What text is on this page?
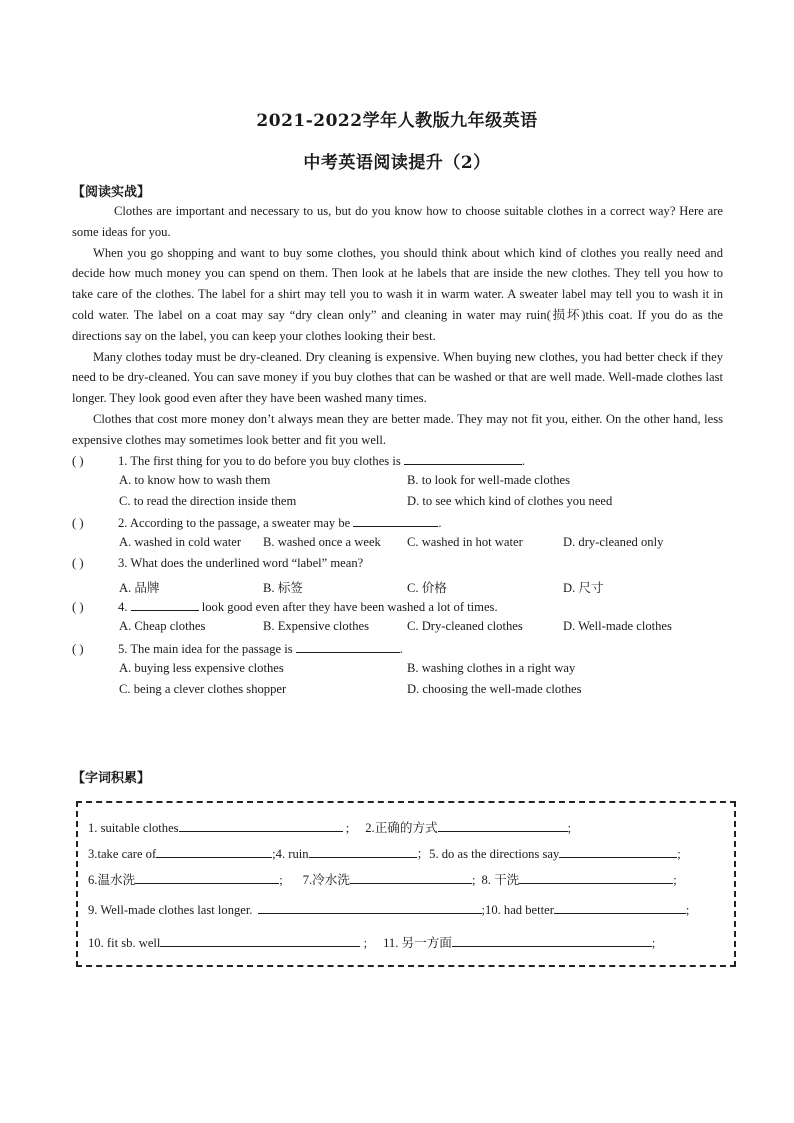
2021-2022学年人教版九年级英语
中考英语阅读提升（2）
【阅读实战】

Clothes are important and necessary to us, but do you know how to choose suitable clothes in a correct way? Here are some ideas for you.

When you go shopping and want to buy some clothes, you should think about which kind of clothes you really need and decide how much money you can spend on them. Then look at he labels that are inside the new clothes. They tell you how to take care of the clothes. The label for a shirt may tell you to wash it in warm water. A sweater label may tell you to wash it in cold water. The label on a coat may say “dry clean only” and cleaning in water may ruin(损坏)this coat. If you do as the directions say on the label, you can keep your clothes looking their best.

Many clothes today must be dry-cleaned. Dry cleaning is expensive. When buying new clothes, you had better check if they need to be dry-cleaned. You can save money if you buy clothes that can be washed or that are well made. Well-made clothes last longer. They look good even after they have been washed many times.

Clothes that cost more money don’t always mean they are better made. They may not fit you, either. On the other hand, less expensive clothes may sometimes look better and fit you well.

( )	1. The first thing for you to do before you buy clothes is	.
A. to know how to wash them	B. to look for well-made clothes
C. to read the direction inside them	D. to see which kind of clothes you need
( )	2. According to the passage, a sweater may be	.
A. washed in cold water B. washed once a week C. washed in hot water	D. dry-cleaned only
( )	3. What does the underlined word “label” mean?
A. 品牌	B. 标签	C. 价格	D. 尺寸
( )	4.	look good even after they have been washed a lot of times.
A. Cheap clothes	B. Expensive clothes	C. Dry-cleaned clothes	D. Well-made clothes
( )	5. The main idea for the passage is	.
A. buying less expensive clothes	B. washing clothes in a right way
C. being a clever clothes shopper	D. choosing the well-made clothes
【字词积累】
1. suitable clothes	; 2.正确的方式	;
3.take care of	;4. ruin	；5. do as the directions say	;
6.温水洗	; 7.冷水洗	; 8. 干洗	;
9. Well-made clothes last longer.	;10. had better	;
10. fit sb. well	; 11. 另一方面	;
